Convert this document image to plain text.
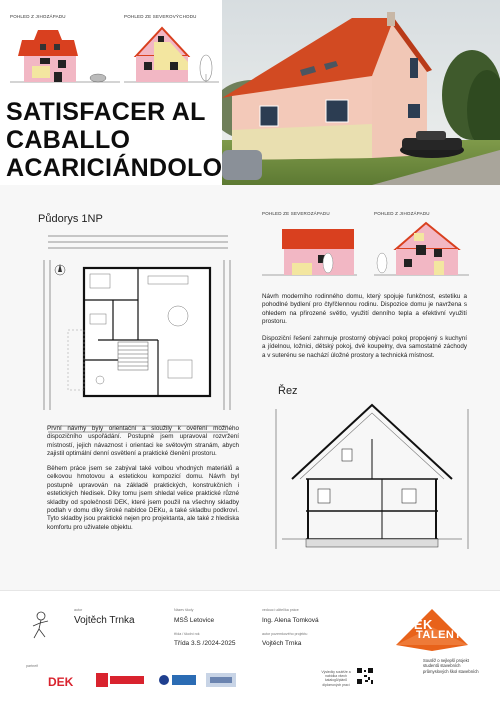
POHLED Z JIHOZÁPADU	POHLED ZE SEVEROVÝCHODU
SATISFACER AL
CABALLO
ACARICIÁNDOLO
Půdorys 1NP	POHLED ZE SEVEROZÁPADU	POHLED Z JIHOZÁPADU

Návrh moderního rodinného domu, který spojuje funkčnost, estetiku a pohodlné bydlení pro čtyřčlennou rodinu. Dispozice domu je navržena s ohledem na přirozené světlo, využití denního tepla a efektivní využití prostoru.

Dispoziční řešení zahrnuje prostorný obývací pokoj propojený s kuchyní a jídelnou, ložnici, dětský pokoj, dvě koupelny, dva samostatné záchody a v suterénu se nachází úložné prostory a technická místnost.

Řez

První návrhy byly orientační a sloužily k ověření možného dispozičního uspořádání. Postupně jsem upravoval rozvržení místností, jejich návaznost i orientaci ke světovým stranám, abych zajistil optimální denní osvětlení a praktické členění prostoru.

Během práce jsem se zabýval také volbou vhodných materiálů a celkovou hmotovou a estetickou kompozicí domu. Návrh byl postupně upravován na základě praktických, konstrukčních i estetických hledisek. Díky tomu jsem shledal velice praktické různé skladby od společnosti DEK, které jsem použil na všechny skladby podlah v domu díky široké nabídce DEKu, a také skladbu podkroví. Tyto skladby jsou praktické nejen pro projektanta, ale také z hlediska komfortu pro uživatele objektu.

autor
Vojtěch Trnka
Název školy
MSŠ Letovice
třída / školní rok
Třída 3.S /2024-2025
vedoucí učitel/ka práce
Ing. Alena Tomková
autor pozemkového projektu
Vojtěch Trnka
DEK
TALENT

Soutěž o nejlepší projekt studentů stavebních průmyslových škol stavebních

partneři
DEK

Výsledky soutěže a nabídka všech katalogů/plánů diplomových prací
